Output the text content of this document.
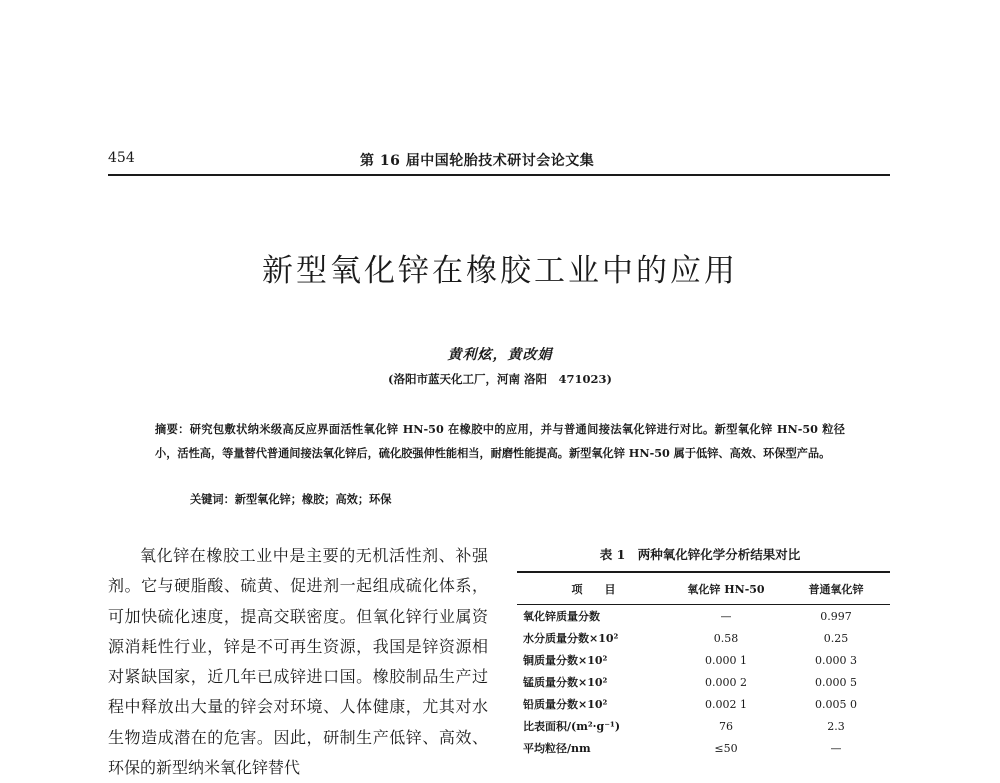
454	第 16 届中国轮胎技术研讨会论文集
新型氧化锌在橡胶工业中的应用
黄利炫，黄改娟
(洛阳市蓝天化工厂，河南 洛阳　471023)
摘要：研究包敷状纳米级高反应界面活性氧化锌 HN-50 在橡胶中的应用，并与普通间接法氧化锌进行对比。新型氧化锌 HN-50 粒径小，活性高，等量替代普通间接法氧化锌后，硫化胶强伸性能相当，耐磨性能提高。新型氧化锌 HN-50 属于低锌、高效、环保型产品。
关键词：新型氧化锌；橡胶；高效；环保

氧化锌在橡胶工业中是主要的无机活性剂、补强剂。它与硬脂酸、硫黄、促进剂一起组成硫化体系，可加快硫化速度，提高交联密度。但氧化锌行业属资源消耗性行业，锌是不可再生资源，我国是锌资源相对紧缺国家，近几年已成锌进口国。橡胶制品生产过程中释放出大量的锌会对环境、人体健康，尤其对水生物造成潜在的危害。因此，研制生产低锌、高效、环保的新型纳米氧化锌替代

表 1　两种氧化锌化学分析结果对比
项　　目	氧化锌 HN-50	普通氧化锌
氧化锌质量分数	—	0.997
水分质量分数×10²	0.58	0.25
铜质量分数×10²	0.000 1	0.000 3
锰质量分数×10²	0.000 2	0.000 5
铅质量分数×10²	0.002 1	0.005 0
比表面积/(m²·g⁻¹)	76	2.3
平均粒径/nm	≤50	—
